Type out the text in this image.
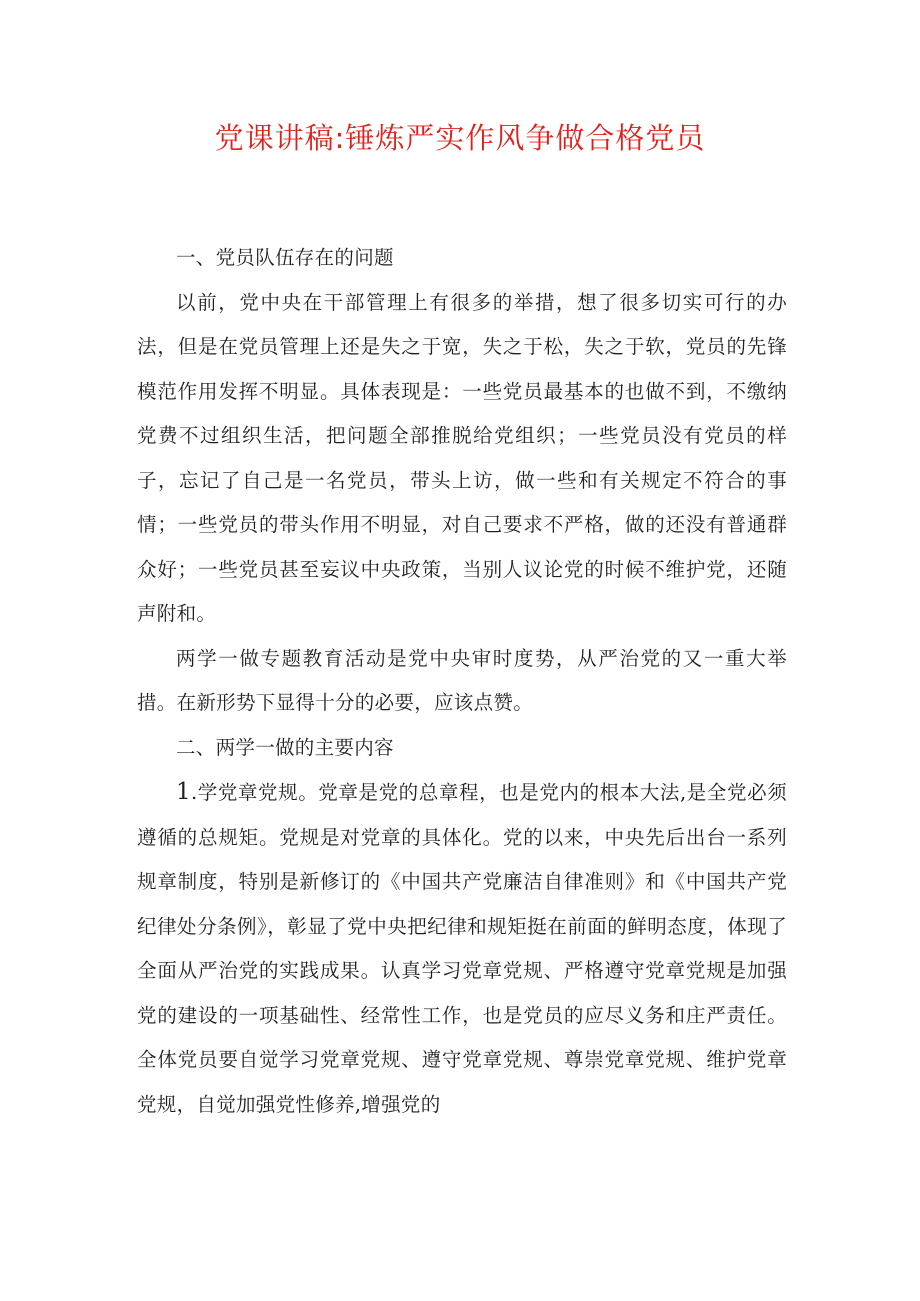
党课讲稿:锤炼严实作风争做合格党员

一、党员队伍存在的问题

以前，党中央在干部管理上有很多的举措，想了很多切实可行的办法，但是在党员管理上还是失之于宽，失之于松，失之于软，党员的先锋模范作用发挥不明显。具体表现是：一些党员最基本的也做不到，不缴纳党费不过组织生活，把问题全部推脱给党组织；一些党员没有党员的样子，忘记了自己是一名党员，带头上访，做一些和有关规定不符合的事情；一些党员的带头作用不明显，对自己要求不严格，做的还没有普通群众好；一些党员甚至妄议中央政策，当别人议论党的时候不维护党，还随声附和。

两学一做专题教育活动是党中央审时度势，从严治党的又一重大举措。在新形势下显得十分的必要，应该点赞。

二、两学一做的主要内容

1.学党章党规。党章是党的总章程，也是党内的根本大法,是全党必须遵循的总规矩。党规是对党章的具体化。党的以来，中央先后出台一系列规章制度，特别是新修订的《中国共产党廉洁自律准则》和《中国共产党纪律处分条例》，彰显了党中央把纪律和规矩挺在前面的鲜明态度，体现了全面从严治党的实践成果。认真学习党章党规、严格遵守党章党规是加强党的建设的一项基础性、经常性工作，也是党员的应尽义务和庄严责任。全体党员要自觉学习党章党规、遵守党章党规、尊崇党章党规、维护党章党规，自觉加强党性修养,增强党的
